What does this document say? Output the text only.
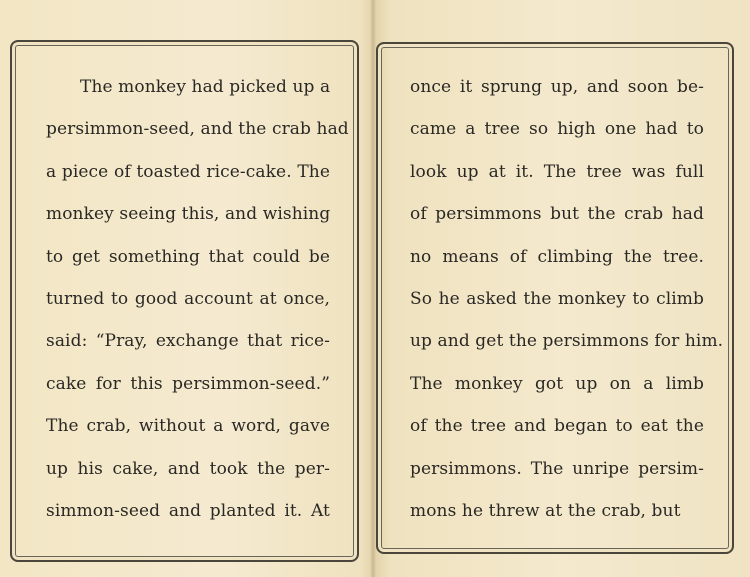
The monkey had picked up a
persimmon-seed, and the crab had
a piece of toasted rice-cake. The
monkey seeing this, and wishing
to get something that could be
turned to good account at once,
said: “Pray, exchange that rice-
cake for this persimmon-seed.”
The crab, without a word, gave
up his cake, and took the per-
simmon-seed and planted it. At
once it sprung up, and soon be-
came a tree so high one had to
look up at it. The tree was full
of persimmons but the crab had
no means of climbing the tree.
So he asked the monkey to climb
up and get the persimmons for him.
The monkey got up on a limb
of the tree and began to eat the
persimmons. The unripe persim-
mons he threw at the crab, but
